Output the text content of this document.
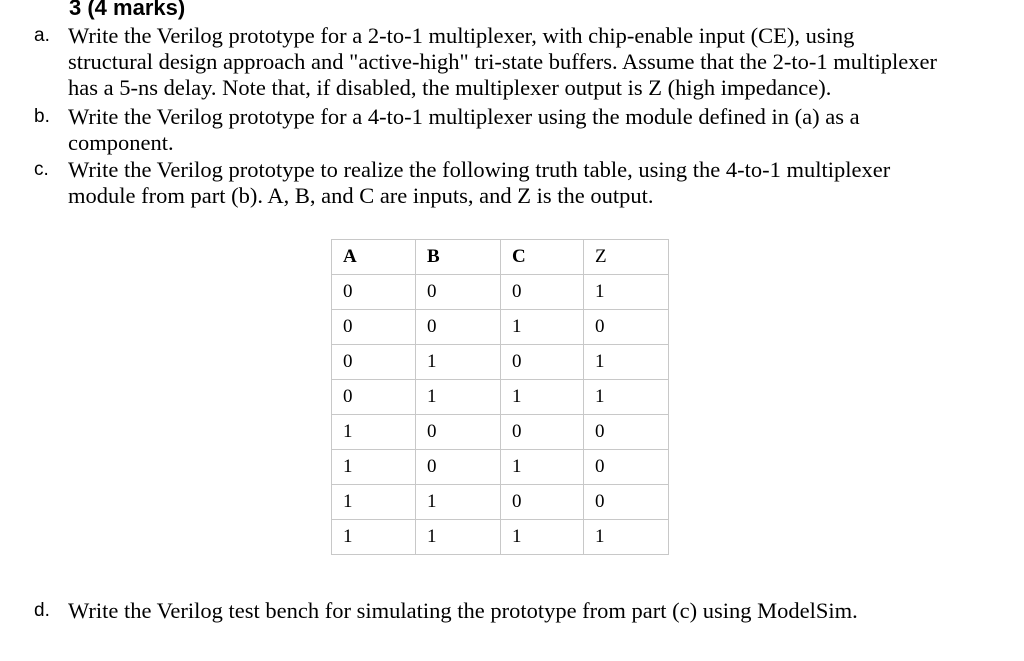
3 (4 marks)
a. Write the Verilog prototype for a 2-to-1 multiplexer, with chip-enable input (CE), using
structural design approach and "active-high" tri-state buffers. Assume that the 2-to-1 multiplexer
has a 5-ns delay. Note that, if disabled, the multiplexer output is Z (high impedance).
b. Write the Verilog prototype for a 4-to-1 multiplexer using the module defined in (a) as a
component.
c. Write the Verilog prototype to realize the following truth table, using the 4-to-1 multiplexer
module from part (b). A, B, and C are inputs, and Z is the output.
A	B	C	Z
0	0	0	1
0	0	1	0
0	1	0	1
0	1	1	1
1	0	0	0
1	0	1	0
1	1	0	0
1	1	1	1
d. Write the Verilog test bench for simulating the prototype from part (c) using ModelSim.
